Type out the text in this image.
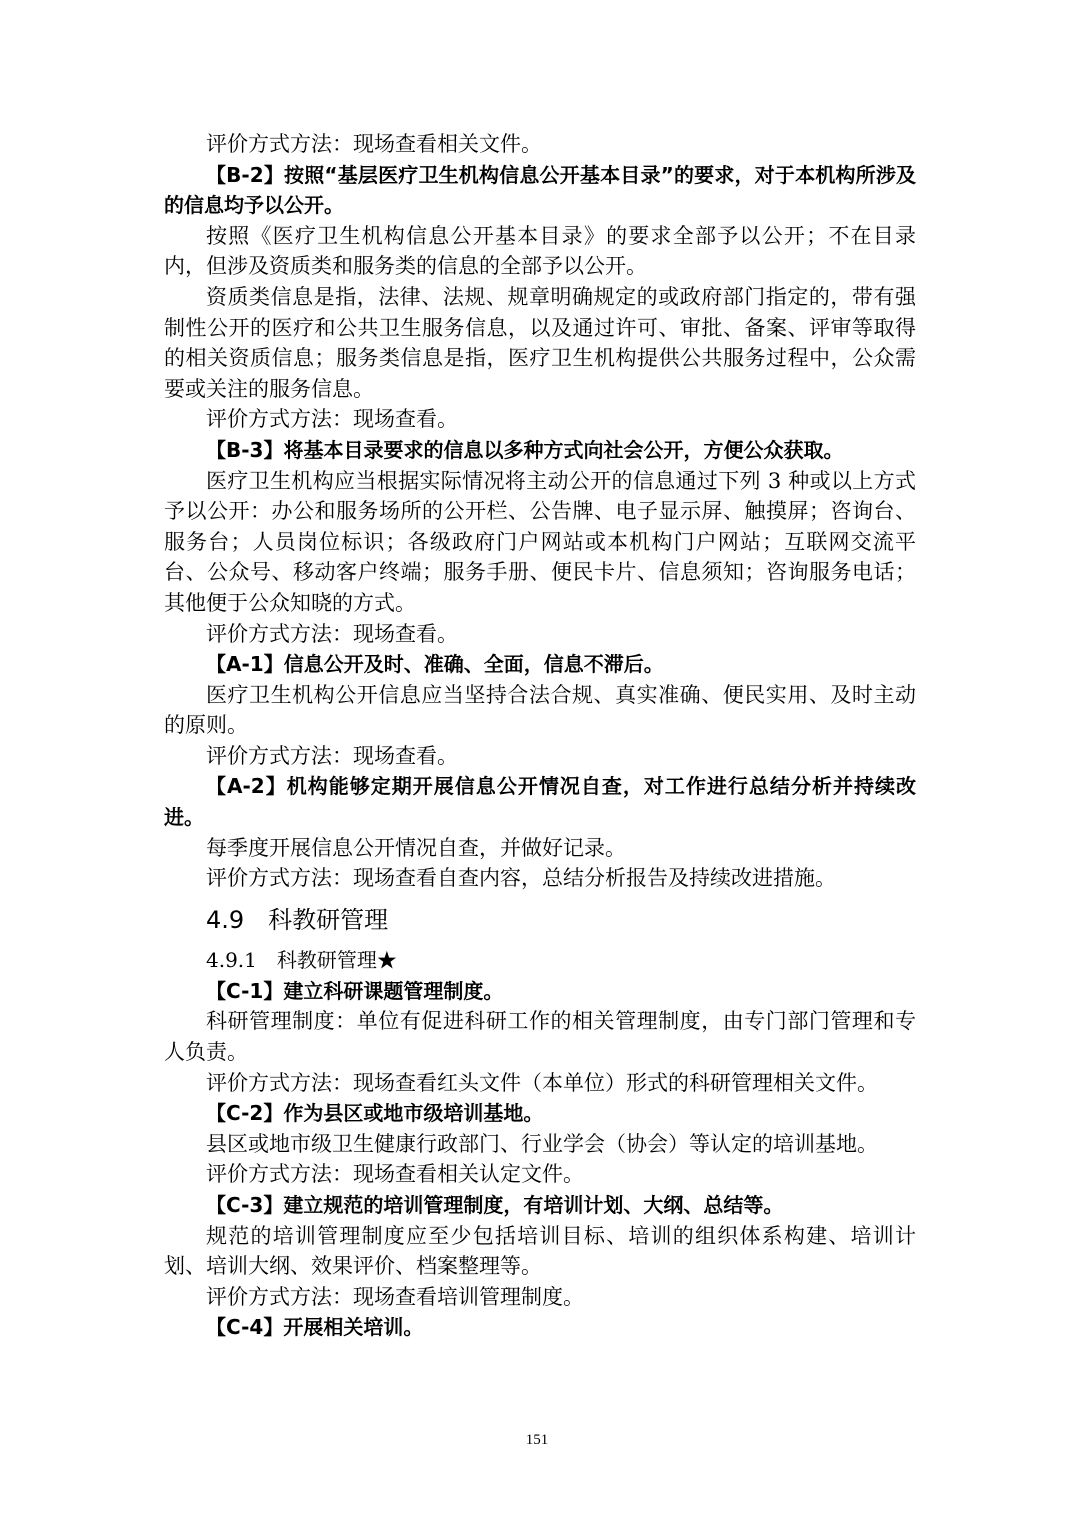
评价方式方法：现场查看相关文件。

【B-2】按照“基层医疗卫生机构信息公开基本目录”的要求，对于本机构所涉及的信息均予以公开。

按照《医疗卫生机构信息公开基本目录》的要求全部予以公开；不在目录内，但涉及资质类和服务类的信息的全部予以公开。

资质类信息是指，法律、法规、规章明确规定的或政府部门指定的，带有强制性公开的医疗和公共卫生服务信息，以及通过许可、审批、备案、评审等取得的相关资质信息；服务类信息是指，医疗卫生机构提供公共服务过程中，公众需要或关注的服务信息。

评价方式方法：现场查看。

【B-3】将基本目录要求的信息以多种方式向社会公开，方便公众获取。

医疗卫生机构应当根据实际情况将主动公开的信息通过下列 3 种或以上方式予以公开：办公和服务场所的公开栏、公告牌、电子显示屏、触摸屏；咨询台、服务台；人员岗位标识；各级政府门户网站或本机构门户网站；互联网交流平台、公众号、移动客户终端；服务手册、便民卡片、信息须知；咨询服务电话；其他便于公众知晓的方式。

评价方式方法：现场查看。

【A-1】信息公开及时、准确、全面，信息不滞后。

医疗卫生机构公开信息应当坚持合法合规、真实准确、便民实用、及时主动的原则。

评价方式方法：现场查看。

【A-2】机构能够定期开展信息公开情况自查，对工作进行总结分析并持续改进。

每季度开展信息公开情况自查，并做好记录。

评价方式方法：现场查看自查内容，总结分析报告及持续改进措施。

4.9　科教研管理
4.9.1　科教研管理★

【C-1】建立科研课题管理制度。

科研管理制度：单位有促进科研工作的相关管理制度，由专门部门管理和专人负责。

评价方式方法：现场查看红头文件（本单位）形式的科研管理相关文件。

【C-2】作为县区或地市级培训基地。

县区或地市级卫生健康行政部门、行业学会（协会）等认定的培训基地。

评价方式方法：现场查看相关认定文件。

【C-3】建立规范的培训管理制度，有培训计划、大纲、总结等。

规范的培训管理制度应至少包括培训目标、培训的组织体系构建、培训计划、培训大纲、效果评价、档案整理等。

评价方式方法：现场查看培训管理制度。

【C-4】开展相关培训。

151
